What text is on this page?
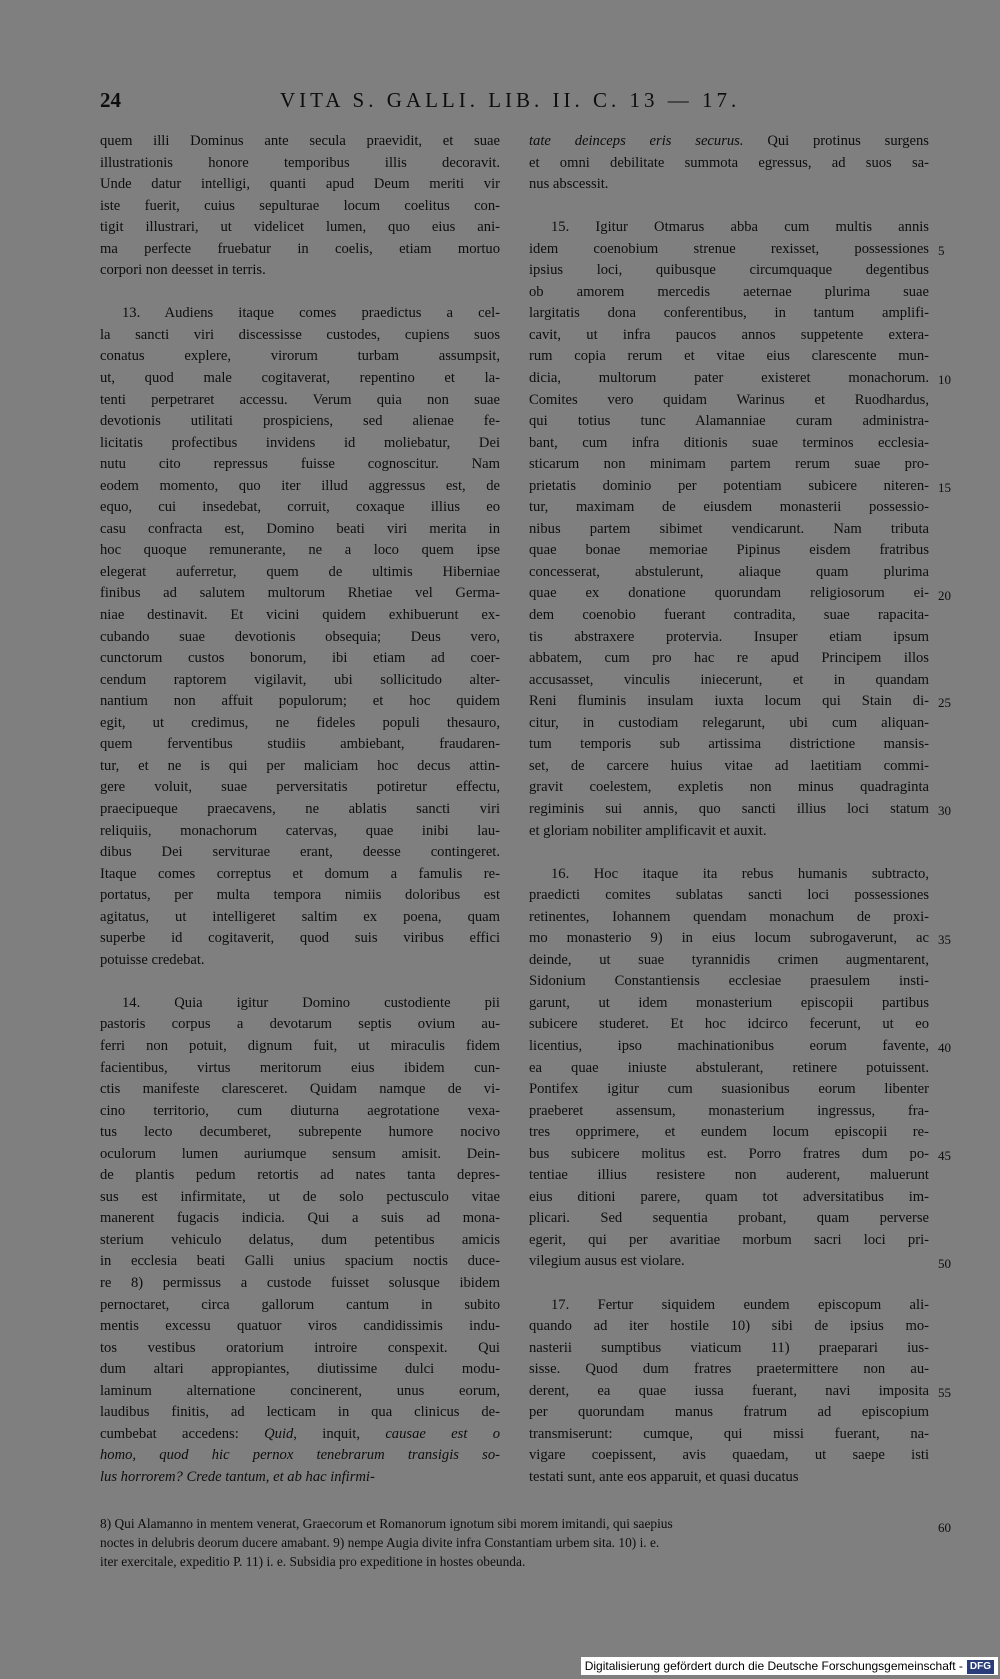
24	VITA S. GALLI. LIB. II. C. 13 — 17.
quem illi Dominus ante secula praevidit, et suae
illustrationis honore temporibus illis decoravit.
Unde datur intelligi, quanti apud Deum meriti vir
iste fuerit, cuius sepulturae locum coelitus con-
tigit illustrari, ut videlicet lumen, quo eius ani-
ma perfecte fruebatur in coelis, etiam mortuo
corpori non deesset in terris.

13. Audiens itaque comes praedictus a cel-
la sancti viri discessisse custodes, cupiens suos
conatus explere, virorum turbam assumpsit,
ut, quod male cogitaverat, repentino et la-
tenti perpetraret accessu. Verum quia non suae
devotionis utilitati prospiciens, sed alienae fe-
licitatis profectibus invidens id moliebatur, Dei
nutu cito repressus fuisse cognoscitur. Nam
eodem momento, quo iter illud aggressus est, de
equo, cui insedebat, corruit, coxaque illius eo
casu confracta est, Domino beati viri merita in
hoc quoque remunerante, ne a loco quem ipse
elegerat auferretur, quem de ultimis Hiberniae
finibus ad salutem multorum Rhetiae vel Germa-
niae destinavit. Et vicini quidem exhibuerunt ex-
cubando suae devotionis obsequia; Deus vero,
cunctorum custos bonorum, ibi etiam ad coer-
cendum raptorem vigilavit, ubi sollicitudo alter-
nantium non affuit populorum; et hoc quidem
egit, ut credimus, ne fideles populi thesauro,
quem ferventibus studiis ambiebant, fraudaren-
tur, et ne is qui per maliciam hoc decus attin-
gere voluit, suae perversitatis potiretur effectu,
praecipueque praecavens, ne ablatis sancti viri
reliquiis, monachorum catervas, quae inibi lau-
dibus Dei serviturae erant, deesse contingeret.
Itaque comes correptus et domum a famulis re-
portatus, per multa tempora nimiis doloribus est
agitatus, ut intelligeret saltim ex poena, quam
superbe id cogitaverit, quod suis viribus effici
potuisse credebat.

14. Quia igitur Domino custodiente pii
pastoris corpus a devotarum septis ovium au-
ferri non potuit, dignum fuit, ut miraculis fidem
facientibus, virtus meritorum eius ibidem cun-
ctis manifeste claresceret. Quidam namque de vi-
cino territorio, cum diuturna aegrotatione vexa-
tus lecto decumberet, subrepente humore nocivo
oculorum lumen auriumque sensum amisit. Dein-
de plantis pedum retortis ad nates tanta depres-
sus est infirmitate, ut de solo pectusculo vitae
manerent fugacis indicia. Qui a suis ad mona-
sterium vehiculo delatus, dum petentibus amicis
in ecclesia beati Galli unius spacium noctis duce-
re 8) permissus a custode fuisset solusque ibidem
pernoctaret, circa gallorum cantum in subito
mentis excessu quatuor viros candidissimis indu-
tos vestibus oratorium introire conspexit. Qui
dum altari appropiantes, diutissime dulci modu-
laminum alternatione concinerent, unus eorum,
laudibus finitis, ad lecticam in qua clinicus de-
cumbebat accedens: Quid, inquit, causae est o
homo, quod hic pernox tenebrarum transigis so-
lus horrorem? Crede tantum, et ab hac infirmi-
tate deinceps eris securus. Qui protinus surgens
et omni debilitate summota egressus, ad suos sa-
nus abscessit.

15. Igitur Otmarus abba cum multis annis
idem coenobium strenue rexisset, possessiones
ipsius loci, quibusque circumquaque degentibus
ob amorem mercedis aeternae plurima suae
largitatis dona conferentibus, in tantum amplifi-
cavit, ut infra paucos annos suppetente extera-
rum copia rerum et vitae eius clarescente mun-
dicia, multorum pater existeret monachorum.
Comites vero quidam Warinus et Ruodhardus,
qui totius tunc Alamanniae curam administra-
bant, cum infra ditionis suae terminos ecclesia-
sticarum non minimam partem rerum suae pro-
prietatis dominio per potentiam subicere niteren-
tur, maximam de eiusdem monasterii possessio-
nibus partem sibimet vendicarunt. Nam tributa
quae bonae memoriae Pipinus eisdem fratribus
concesserat, abstulerunt, aliaque quam plurima
quae ex donatione quorundam religiosorum ei-
dem coenobio fuerant contradita, suae rapacita-
tis abstraxere protervia. Insuper etiam ipsum
abbatem, cum pro hac re apud Principem illos
accusasset, vinculis iniecerunt, et in quandam
Reni fluminis insulam iuxta locum qui Stain di-
citur, in custodiam relegarunt, ubi cum aliquan-
tum temporis sub artissima districtione mansis-
set, de carcere huius vitae ad laetitiam commi-
gravit coelestem, expletis non minus quadraginta
regiminis sui annis, quo sancti illius loci statum
et gloriam nobiliter amplificavit et auxit.

16. Hoc itaque ita rebus humanis subtracto,
praedicti comites sublatas sancti loci possessiones
retinentes, Iohannem quendam monachum de proxi-
mo monasterio 9) in eius locum subrogaverunt, ac
deinde, ut suae tyrannidis crimen augmentarent,
Sidonium Constantiensis ecclesiae praesulem insti-
garunt, ut idem monasterium episcopii partibus
subicere studeret. Et hoc idcirco fecerunt, ut eo
licentius, ipso machinationibus eorum favente,
ea quae iniuste abstulerant, retinere potuissent.
Pontifex igitur cum suasionibus eorum libenter
praeberet assensum, monasterium ingressus, fra-
tres opprimere, et eundem locum episcopii re-
bus subicere molitus est. Porro fratres dum po-
tentiae illius resistere non auderent, maluerunt
eius ditioni parere, quam tot adversitatibus im-
plicari. Sed sequentia probant, quam perverse
egerit, qui per avaritiae morbum sacri loci pri-
vilegium ausus est violare.

17. Fertur siquidem eundem episcopum ali-
quando ad iter hostile 10) sibi de ipsius mo-
nasterii sumptibus viaticum 11) praeparari ius-
sisse. Quod dum fratres praetermittere non au-
derent, ea quae iussa fuerant, navi imposita
per quorundam manus fratrum ad episcopium
transmiserunt: cumque, qui missi fuerant, na-
vigare coepissent, avis quaedam, ut saepe isti
testati sunt, ante eos apparuit, et quasi ducatus
5
10
15
20
25
30
35
40
45
50
55
60
8) Qui Alamanno in mentem venerat, Graecorum et Romanorum ignotum sibi morem imitandi, qui saepius
noctes in delubris deorum ducere amabant. 9) nempe Augia divite infra Constantiam urbem sita. 10) i. e.
iter exercitale, expeditio P. 11) i. e. Subsidia pro expeditione in hostes obeunda.
Digitalisierung gefördert durch die Deutsche Forschungsgemeinschaft - DFG
